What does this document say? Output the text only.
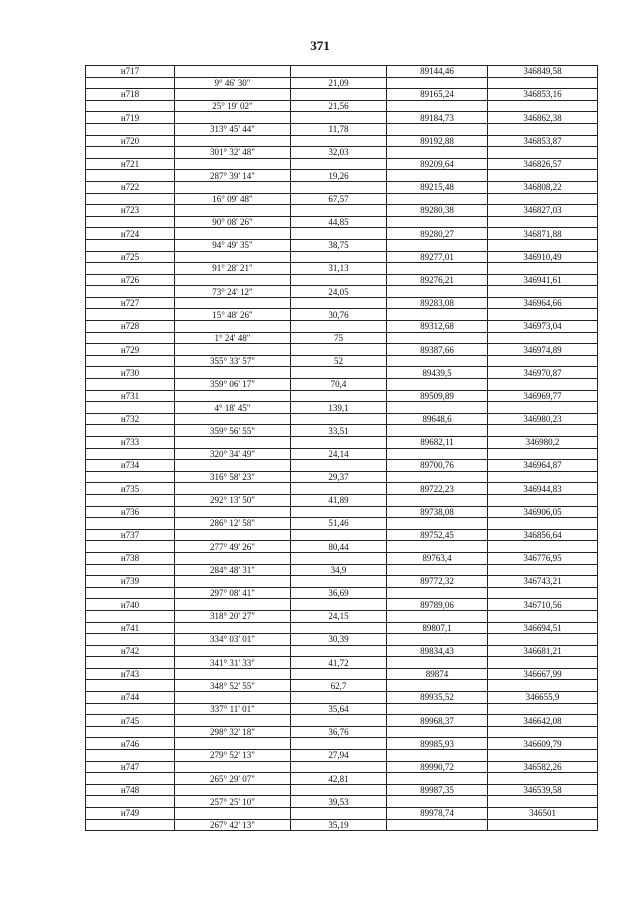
371
н717			89144,46	346849,58
	9° 46' 30"	21,09		
н718			89165,24	346853,16
	25° 19' 02"	21,56		
н719			89184,73	346862,38
	313° 45' 44"	11,78		
н720			89192,88	346853,87
	301° 32' 48"	32,03		
н721			89209,64	346826,57
	287° 39' 14"	19,26		
н722			89215,48	346808,22
	16° 09' 48"	67,57		
н723			89280,38	346827,03
	90° 08' 26"	44,85		
н724			89280,27	346871,88
	94° 49' 35"	38,75		
н725			89277,01	346910,49
	91° 28' 21"	31,13		
н726			89276,21	346941,61
	73° 24' 12"	24,05		
н727			89283,08	346964,66
	15° 48' 26"	30,76		
н728			89312,68	346973,04
	1° 24' 48"	75		
н729			89387,66	346974,89
	355° 33' 57"	52		
н730			89439,5	346970,87
	359° 06' 17"	70,4		
н731			89509,89	346969,77
	4° 18' 45"	139,1		
н732			89648,6	346980,23
	359° 56' 55"	33,51		
н733			89682,11	346980,2
	320° 34' 49"	24,14		
н734			89700,76	346964,87
	316° 58' 23"	29,37		
н735			89722,23	346944,83
	292° 13' 50"	41,89		
н736			89738,08	346906,05
	286° 12' 58"	51,46		
н737			89752,45	346856,64
	277° 49' 26"	80,44		
н738			89763,4	346776,95
	284° 48' 31"	34,9		
н739			89772,32	346743,21
	297° 08' 41"	36,69		
н740			89789,06	346710,56
	318° 20' 27"	24,15		
н741			89807,1	346694,51
	334° 03' 01"	30,39		
н742			89834,43	346681,21
	341° 31' 33"	41,72		
н743			89874	346667,99
	348° 52' 55"	62,7		
н744			89935,52	346655,9
	337° 11' 01"	35,64		
н745			89968,37	346642,08
	298° 32' 18"	36,76		
н746			89985,93	346609,79
	279° 52' 13"	27,94		
н747			89990,72	346582,26
	265° 29' 07"	42,81		
н748			89987,35	346539,58
	257° 25' 10"	39,53		
н749			89978,74	346501
	267° 42' 13"	35,19		
